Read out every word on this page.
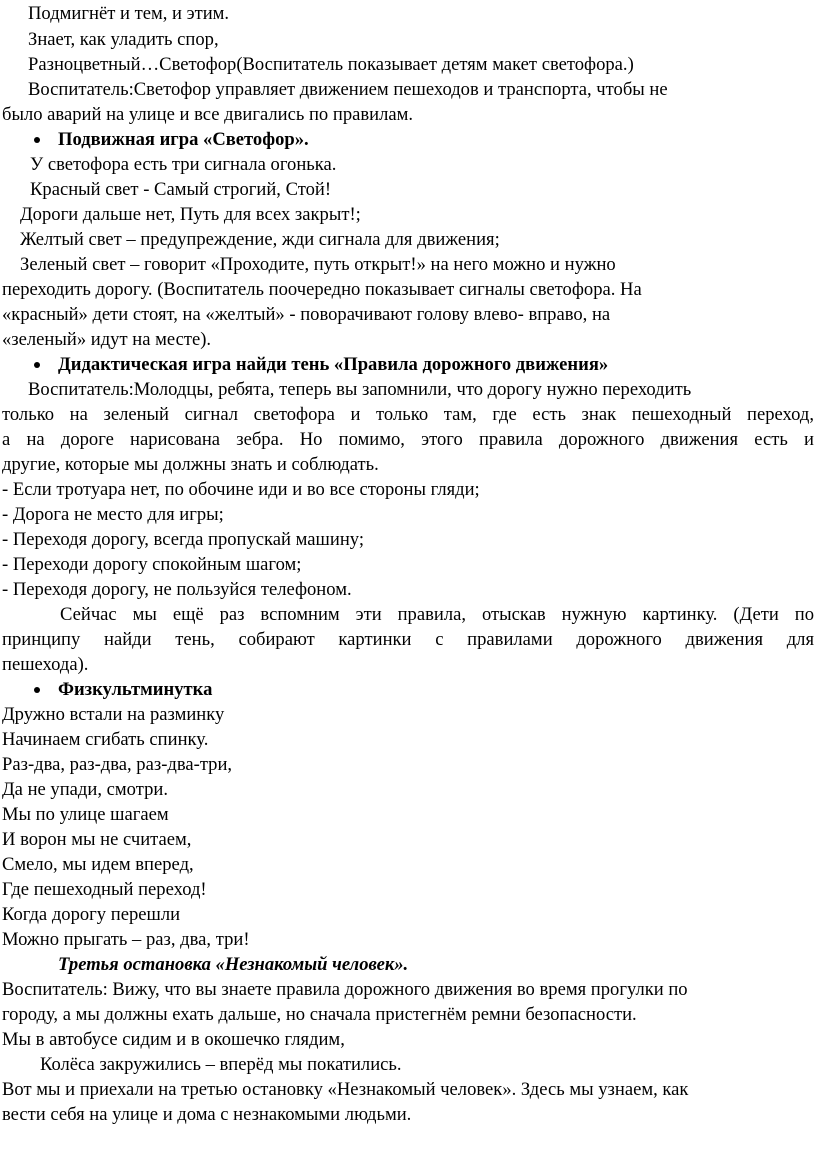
Подмигнёт и тем, и этим.
Знает, как уладить спор,
Разноцветный…Светофор(Воспитатель показывает детям макет светофора.)
Воспитатель:Светофор управляет движением пешеходов и транспорта, чтобы не
было аварий на улице и все двигались по правилам.
Подвижная игра «Светофор».
У светофора есть три сигнала огонька.
Красный свет - Самый строгий, Стой!
Дороги дальше нет, Путь для всех закрыт!;
Желтый свет – предупреждение, жди сигнала для движения;
Зеленый свет – говорит «Проходите, путь открыт!» на него можно и нужно
переходить дорогу. (Воспитатель поочередно показывает сигналы светофора. На
«красный» дети стоят, на «желтый» - поворачивают голову влево- вправо, на
«зеленый» идут на месте).
Дидактическая игра найди тень «Правила дорожного движения»
Воспитатель:Молодцы, ребята, теперь вы запомнили, что дорогу нужно переходить
только на зеленый сигнал светофора и только там, где есть знак пешеходный переход,
а на дороге нарисована зебра. Но помимо, этого правила дорожного движения есть и
другие, которые мы должны знать и соблюдать.
- Если тротуара нет, по обочине иди и во все стороны гляди;
- Дорога не место для игры;
- Переходя дорогу, всегда пропускай машину;
- Переходи дорогу спокойным шагом;
- Переходя дорогу, не пользуйся телефоном.
Сейчас мы ещё раз вспомним эти правила, отыскав нужную картинку. (Дети по
принципу найди тень, собирают картинки с правилами дорожного движения для
пешехода).
Физкультминутка
Дружно встали на разминку
Начинаем сгибать спинку.
Раз-два, раз-два, раз-два-три,
Да не упади, смотри.
Мы по улице шагаем
И ворон мы не считаем,
Смело, мы идем вперед,
Где пешеходный переход!
Когда дорогу перешли
Можно прыгать – раз, два, три!
Третья остановка «Незнакомый человек».
Воспитатель: Вижу, что вы знаете правила дорожного движения во время прогулки по
городу, а мы должны ехать дальше, но сначала пристегнём ремни безопасности.
Мы в автобусе сидим и в окошечко глядим,
Колёса закружились – вперёд мы покатились.
Вот мы и приехали на третью остановку «Незнакомый человек». Здесь мы узнаем, как
вести себя на улице и дома с незнакомыми людьми.
